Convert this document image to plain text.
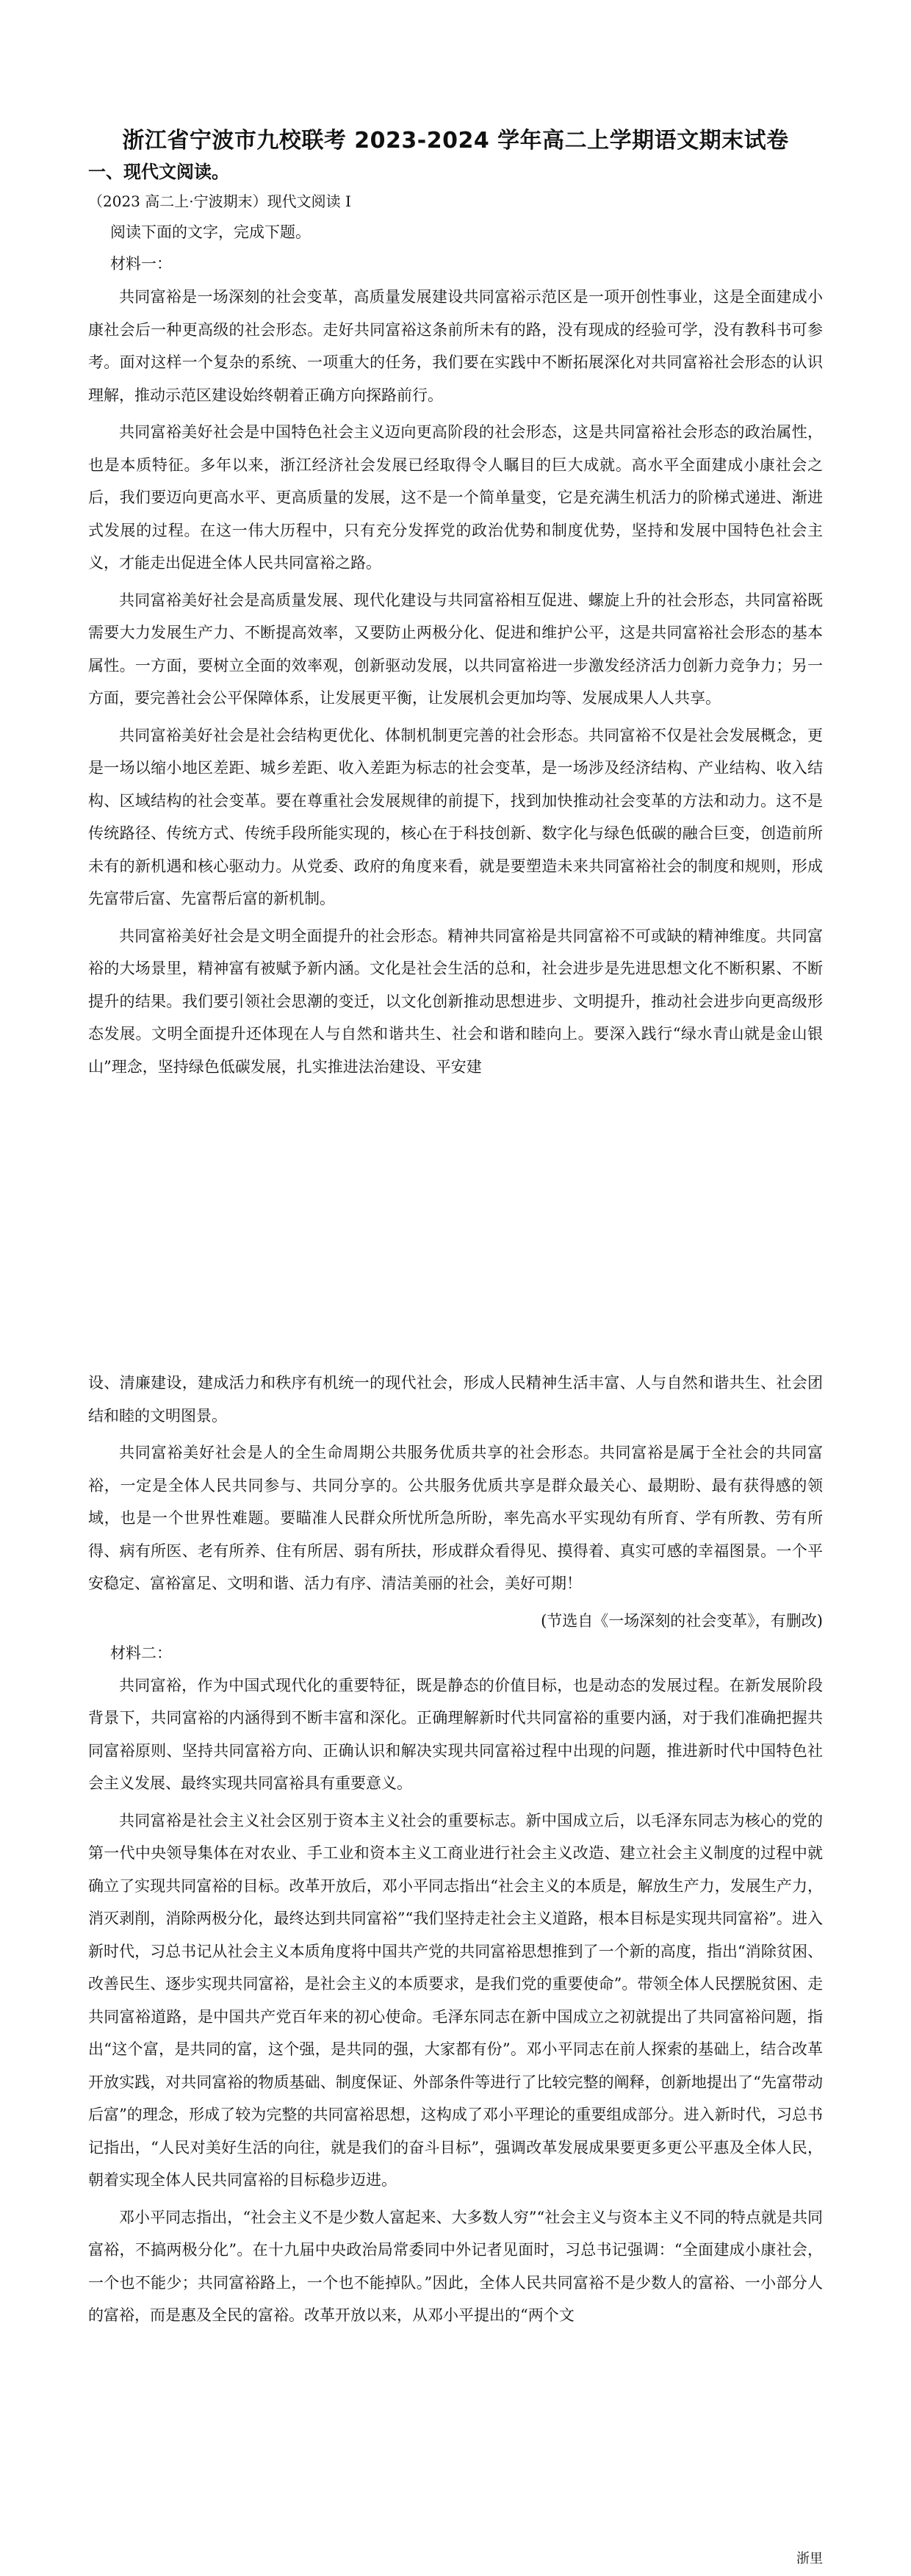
浙江省宁波市九校联考 2023-2024 学年高二上学期语文期末试卷
一、现代文阅读。
（2023 高二上·宁波期末）现代文阅读 I
阅读下面的文字，完成下题。
材料一：

共同富裕是一场深刻的社会变革，高质量发展建设共同富裕示范区是一项开创性事业，这是全面建成小康社会后一种更高级的社会形态。走好共同富裕这条前所未有的路，没有现成的经验可学，没有教科书可参考。面对这样一个复杂的系统、一项重大的任务，我们要在实践中不断拓展深化对共同富裕社会形态的认识理解，推动示范区建设始终朝着正确方向探路前行。

共同富裕美好社会是中国特色社会主义迈向更高阶段的社会形态，这是共同富裕社会形态的政治属性，也是本质特征。多年以来，浙江经济社会发展已经取得令人瞩目的巨大成就。高水平全面建成小康社会之后，我们要迈向更高水平、更高质量的发展，这不是一个简单量变，它是充满生机活力的阶梯式递进、渐进式发展的过程。在这一伟大历程中，只有充分发挥党的政治优势和制度优势，坚持和发展中国特色社会主义，才能走出促进全体人民共同富裕之路。

共同富裕美好社会是高质量发展、现代化建设与共同富裕相互促进、螺旋上升的社会形态，共同富裕既需要大力发展生产力、不断提高效率，又要防止两极分化、促进和维护公平，这是共同富裕社会形态的基本属性。一方面，要树立全面的效率观，创新驱动发展，以共同富裕进一步激发经济活力创新力竞争力；另一方面，要完善社会公平保障体系，让发展更平衡，让发展机会更加均等、发展成果人人共享。

共同富裕美好社会是社会结构更优化、体制机制更完善的社会形态。共同富裕不仅是社会发展概念，更是一场以缩小地区差距、城乡差距、收入差距为标志的社会变革，是一场涉及经济结构、产业结构、收入结构、区域结构的社会变革。要在尊重社会发展规律的前提下，找到加快推动社会变革的方法和动力。这不是传统路径、传统方式、传统手段所能实现的，核心在于科技创新、数字化与绿色低碳的融合巨变，创造前所未有的新机遇和核心驱动力。从党委、政府的角度来看，就是要塑造未来共同富裕社会的制度和规则，形成先富带后富、先富帮后富的新机制。

共同富裕美好社会是文明全面提升的社会形态。精神共同富裕是共同富裕不可或缺的精神维度。共同富裕的大场景里，精神富有被赋予新内涵。文化是社会生活的总和，社会进步是先进思想文化不断积累、不断提升的结果。我们要引领社会思潮的变迁，以文化创新推动思想进步、文明提升，推动社会进步向更高级形态发展。文明全面提升还体现在人与自然和谐共生、社会和谐和睦向上。要深入践行“绿水青山就是金山银山”理念，坚持绿色低碳发展，扎实推进法治建设、平安建

设、清廉建设，建成活力和秩序有机统一的现代社会，形成人民精神生活丰富、人与自然和谐共生、社会团结和睦的文明图景。

共同富裕美好社会是人的全生命周期公共服务优质共享的社会形态。共同富裕是属于全社会的共同富裕，一定是全体人民共同参与、共同分享的。公共服务优质共享是群众最关心、最期盼、最有获得感的领域，也是一个世界性难题。要瞄准人民群众所忧所急所盼，率先高水平实现幼有所育、学有所教、劳有所得、病有所医、老有所养、住有所居、弱有所扶，形成群众看得见、摸得着、真实可感的幸福图景。一个平安稳定、富裕富足、文明和谐、活力有序、清洁美丽的社会，美好可期！

(节选自《一场深刻的社会变革》，有删改)

材料二：

共同富裕，作为中国式现代化的重要特征，既是静态的价值目标，也是动态的发展过程。在新发展阶段背景下，共同富裕的内涵得到不断丰富和深化。正确理解新时代共同富裕的重要内涵，对于我们准确把握共同富裕原则、坚持共同富裕方向、正确认识和解决实现共同富裕过程中出现的问题，推进新时代中国特色社会主义发展、最终实现共同富裕具有重要意义。

共同富裕是社会主义社会区别于资本主义社会的重要标志。新中国成立后，以毛泽东同志为核心的党的第一代中央领导集体在对农业、手工业和资本主义工商业进行社会主义改造、建立社会主义制度的过程中就确立了实现共同富裕的目标。改革开放后，邓小平同志指出“社会主义的本质是，解放生产力，发展生产力，消灭剥削，消除两极分化，最终达到共同富裕”“我们坚持走社会主义道路，根本目标是实现共同富裕”。进入新时代，习总书记从社会主义本质角度将中国共产党的共同富裕思想推到了一个新的高度，指出“消除贫困、改善民生、逐步实现共同富裕，是社会主义的本质要求，是我们党的重要使命”。带领全体人民摆脱贫困、走共同富裕道路，是中国共产党百年来的初心使命。毛泽东同志在新中国成立之初就提出了共同富裕问题，指出“这个富，是共同的富，这个强，是共同的强，大家都有份”。邓小平同志在前人探索的基础上，结合改革开放实践，对共同富裕的物质基础、制度保证、外部条件等进行了比较完整的阐释，创新地提出了“先富带动后富”的理念，形成了较为完整的共同富裕思想，这构成了邓小平理论的重要组成部分。进入新时代，习总书记指出，“人民对美好生活的向往，就是我们的奋斗目标”，强调改革发展成果要更多更公平惠及全体人民，朝着实现全体人民共同富裕的目标稳步迈进。

邓小平同志指出，“社会主义不是少数人富起来、大多数人穷”“社会主义与资本主义不同的特点就是共同富裕，不搞两极分化”。在十九届中央政治局常委同中外记者见面时，习总书记强调：“全面建成小康社会，一个也不能少；共同富裕路上，一个也不能掉队。”因此，全体人民共同富裕不是少数人的富裕、一小部分人的富裕，而是惠及全民的富裕。改革开放以来，从邓小平提出的“两个文

浙里
